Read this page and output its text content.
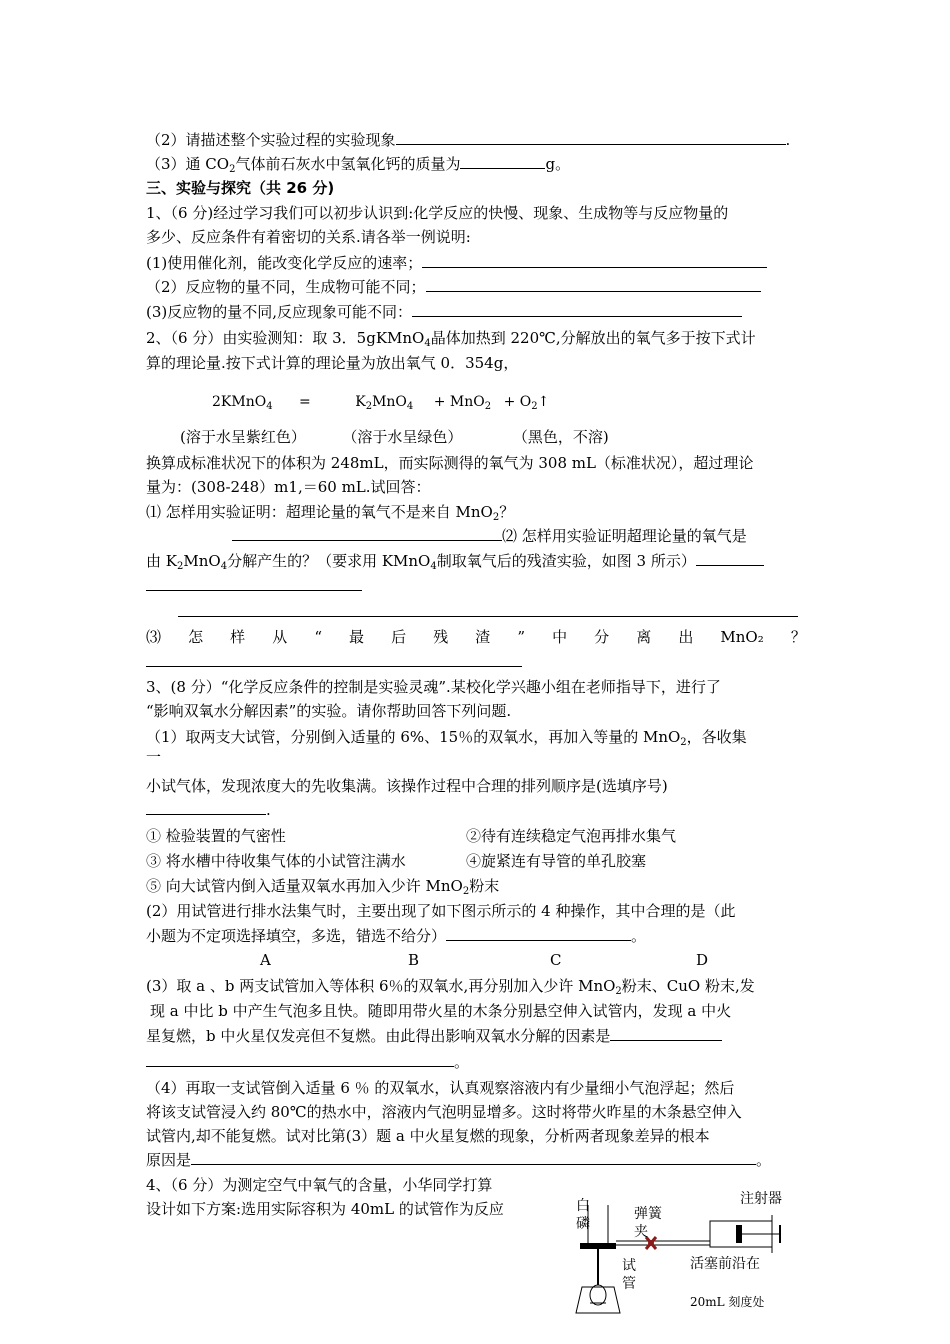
（2）请描述整个实验过程的实验现象	.
（3）通 $CO_2$气体前石灰水中氢氧化钙的质量为	g。
三、实验与探究（共 26 分)
1、（6 分)经过学习我们可以初步认识到:化学反应的快慢、现象、生成物等与反应物量的
多少、反应条件有着密切的关系.请各举一例说明:
(1)使用催化剂，能改变化学反应的速率；
（2）反应物的量不同，生成物可能不同；
(3)反应物的量不同,反应现象可能不同：
2、（6 分）由实验测知：取 3．5gKMnO$_4$晶体加热到 220℃,分解放出的氧气多于按下式计
算的理论量.按下式计算的理论量为放出氧气 0．354g，
2KMnO$_4$ =	$K_2MnO_4 + MnO_2$ + $O_2↑$
(溶于水呈紫红色）	（溶于水呈绿色）	（黑色，不溶)
换算成标准状况下的体积为 248mL，而实际测得的氧气为 308 mL（标准状况），超过理论
量为：(308-248）m1,＝60 mL.试回答：
⑴ 怎样用实验证明：超理论量的氧气不是来自 MnO$_2$？
⑵ 怎样用实验证明超理论量的氧气是
由 $K_2MnO_4$分解产生的？（要求用 KMnO$_4$制取氧气后的残渣实验，如图 3 所示）
⑶ 怎 样 从 “ 最 后 残 渣 ” 中 分 离 出 MnO₂ ？
3、(8 分）“化学反应条件的控制是实验灵魂”.某校化学兴趣小组在老师指导下，进行了
“影响双氧水分解因素”的实验。请你帮助回答下列问题.
（1）取两支大试管，分别倒入适量的 6%、15％的双氧水，再加入等量的 MnO$_2$，各收集
一
小试气体，发现浓度大的先收集满。该操作过程中合理的排列顺序是(选填序号)
.
① 检验装置的气密性	②待有连续稳定气泡再排水集气
③ 将水槽中待收集气体的小试管注满水	④旋紧连有导管的单孔胶塞
⑤ 向大试管内倒入适量双氧水再加入少许 MnO$_2$粉末
(2）用试管进行排水法集气时，主要出现了如下图示所示的 4 种操作，其中合理的是（此
小题为不定项选择填空，多选，错选不给分）	。
A	B	C	D
(3）取 a 、b 两支试管加入等体积 6％的双氧水,再分别加入少许 MnO$_2$粉末、CuO 粉末,发
现 a 中比 b 中产生气泡多且快。随即用带火星的木条分别悬空伸入试管内，发现 a 中火
星复燃，b 中火星仅发亮但不复燃。由此得出影响双氧水分解的因素是
。
（4）再取一支试管倒入适量 6 ％ 的双氧水，认真观察溶液内有少量细小气泡浮起；然后
将该支试管浸入约 80℃的热水中，溶液内气泡明显增多。这时将带火昨星的木条悬空伸入
试管内,却不能复燃。试对比第(3）题 a 中火星复燃的现象，分析两者现象差异的根本
原因是	。
4、（6 分）为测定空气中氧气的含量，小华同学打算
设计如下方案:选用实际容积为 40mL 的试管作为反应	白磷
弹簧夹
注射器
试管
活塞前沿在
20mL 刻度处
